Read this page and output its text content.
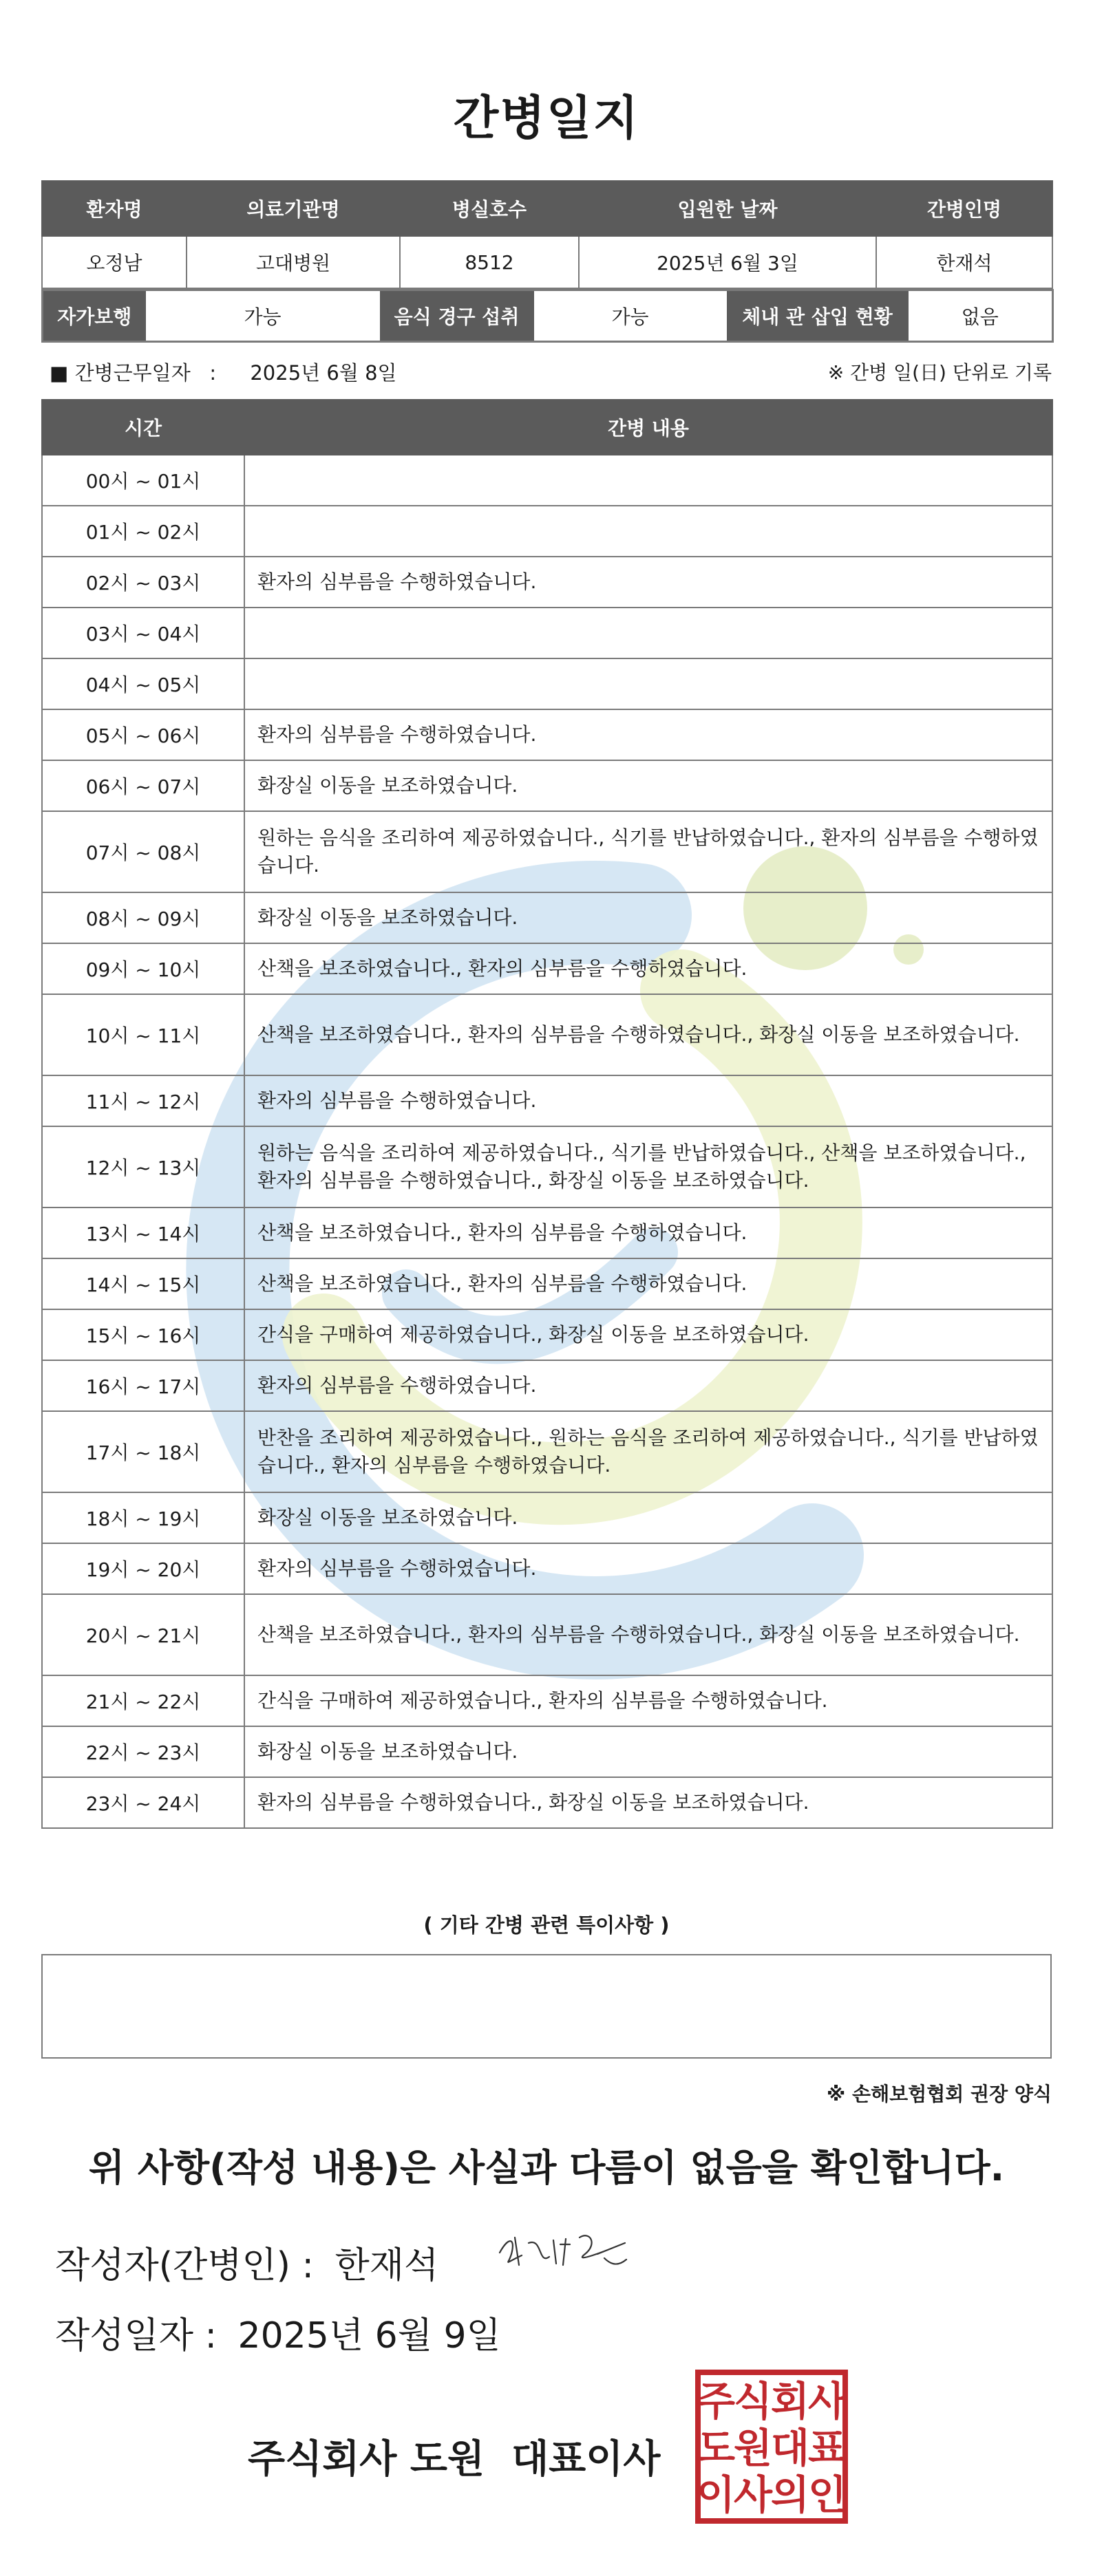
간병일지
환자명	의료기관명	병실호수	입원한 날짜	간병인명
오정남	고대병원	8512	2025년 6월 3일	한재석
자가보행	가능	음식 경구 섭취	가능	체내 관 삽입 현황	없음
■ 간병근무일자   : 2025년 6월 8일	※ 간병 일(日) 단위로 기록
시간	간병 내용
00시 ~ 01시	
01시 ~ 02시	
02시 ~ 03시	환자의 심부름을 수행하였습니다.
03시 ~ 04시	
04시 ~ 05시	
05시 ~ 06시	환자의 심부름을 수행하였습니다.
06시 ~ 07시	화장실 이동을 보조하였습니다.
07시 ~ 08시	원하는 음식을 조리하여 제공하였습니다., 식기를 반납하였습니다., 환자의 심부름을 수행하였습니다.
08시 ~ 09시	화장실 이동을 보조하였습니다.
09시 ~ 10시	산책을 보조하였습니다., 환자의 심부름을 수행하였습니다.
10시 ~ 11시	산책을 보조하였습니다., 환자의 심부름을 수행하였습니다., 화장실 이동을 보조하였습니다.
11시 ~ 12시	환자의 심부름을 수행하였습니다.
12시 ~ 13시	원하는 음식을 조리하여 제공하였습니다., 식기를 반납하였습니다., 산책을 보조하였습니다., 환자의 심부름을 수행하였습니다., 화장실 이동을 보조하였습니다.
13시 ~ 14시	산책을 보조하였습니다., 환자의 심부름을 수행하였습니다.
14시 ~ 15시	산책을 보조하였습니다., 환자의 심부름을 수행하였습니다.
15시 ~ 16시	간식을 구매하여 제공하였습니다., 화장실 이동을 보조하였습니다.
16시 ~ 17시	환자의 심부름을 수행하였습니다.
17시 ~ 18시	반찬을 조리하여 제공하였습니다., 원하는 음식을 조리하여 제공하였습니다., 식기를 반납하였습니다., 환자의 심부름을 수행하였습니다.
18시 ~ 19시	화장실 이동을 보조하였습니다.
19시 ~ 20시	환자의 심부름을 수행하였습니다.
20시 ~ 21시	산책을 보조하였습니다., 환자의 심부름을 수행하였습니다., 화장실 이동을 보조하였습니다.
21시 ~ 22시	간식을 구매하여 제공하였습니다., 환자의 심부름을 수행하였습니다.
22시 ~ 23시	화장실 이동을 보조하였습니다.
23시 ~ 24시	환자의 심부름을 수행하였습니다., 화장실 이동을 보조하였습니다.
( 기타 간병 관련 특이사항 )
※ 손해보험협회 권장 양식
위 사항(작성 내용)은 사실과 다름이 없음을 확인합니다.
작성자(간병인) : 한재석
작성일자 : 2025년 6월 9일
주식회사 도원  대표이사
주
식
회
사
도
원
대
표
이
사
의
인
